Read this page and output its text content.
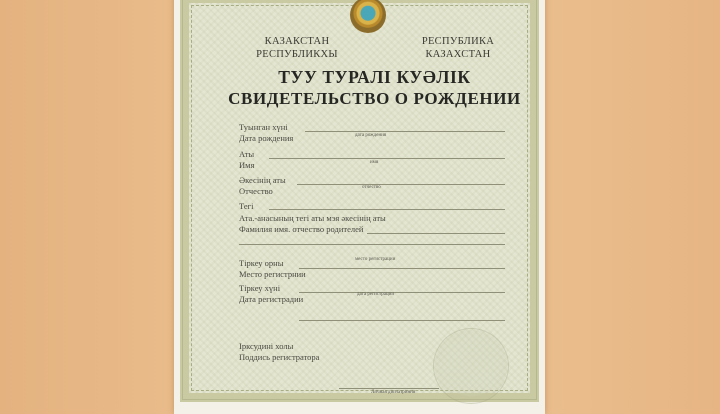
КАЗАКСТАН
РЕСПУБЛИКХЫ
РЕСПУБЛИКА
КАЗАХСТАН
ТУУ ТУРАЛІ КУӘЛІК
СВИДЕТЕЛЬСТВО О РОЖДЕНИИ
Туынган хүні
Дата рождения	дата рождения
Аты
Имя	имя
Әкесінің аты
Отчество	отчество
Тегі
Ата.-анасының тегі аты мэя әкесінің аты
Фамилия имя. отчество родителей
место регистрации
Тіркеу орны
Место регистрнии
Тіркеу хүні
дата регистрации
Дата регистрадии
Ірксудині холы
Поддись регистратора
Личная дигнатриння
